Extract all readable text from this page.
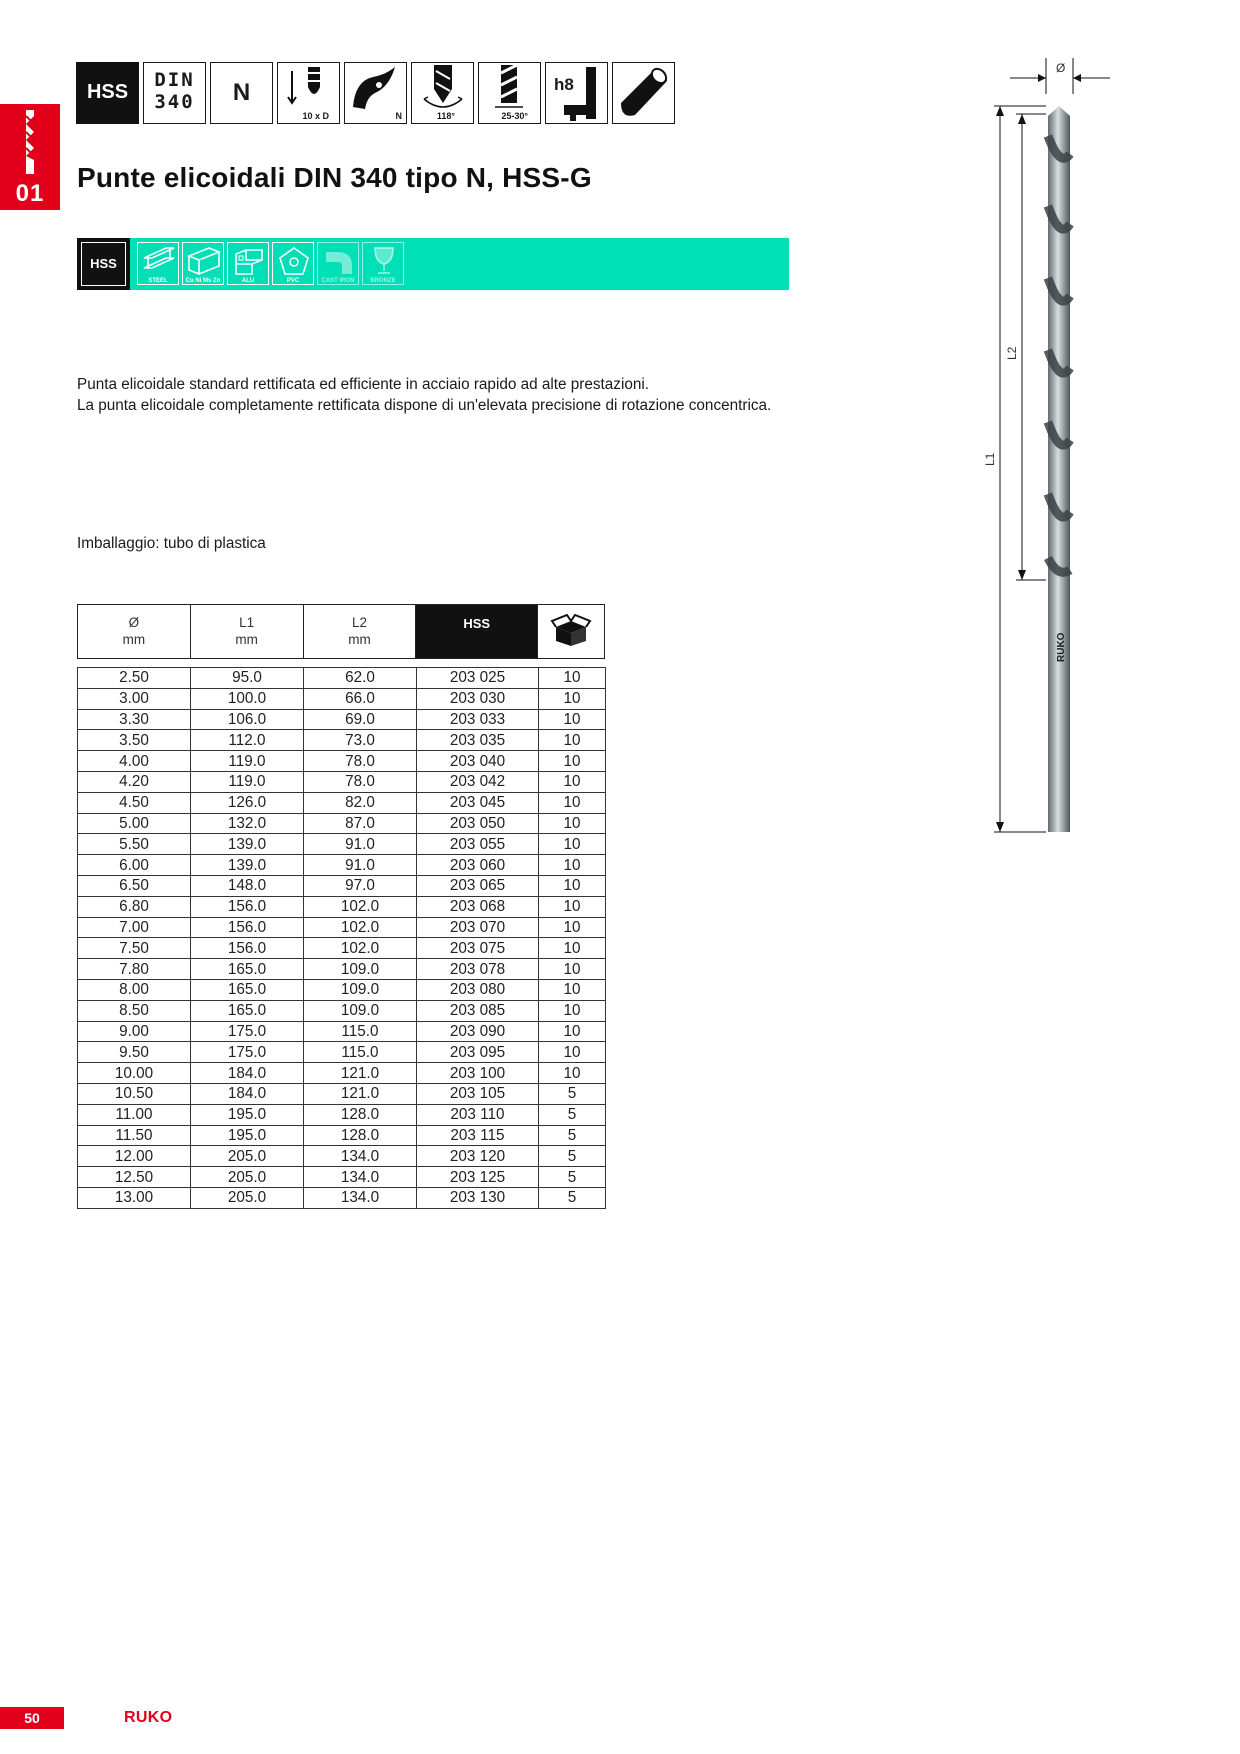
01
HSS
DIN
340	N
10 x D	N	118°	25-30°
h8
Punte elicoidali DIN 340 tipo N, HSS-G
HSS
STEEL	Cu Ni Ms Zn	ALU	PVC	CAST IRON	BRONZE
Punta elicoidale standard rettificata ed efficiente in acciaio rapido ad alte prestazioni.
La punta elicoidale completamente rettificata dispone di un'elevata precisione di rotazione concentrica.
Imballaggio: tubo di plastica
Ø
mm
L1
mm
L2
mm
HSS
2.50	95.0	62.0	203 025	10
3.00	100.0	66.0	203 030	10
3.30	106.0	69.0	203 033	10
3.50	112.0	73.0	203 035	10
4.00	119.0	78.0	203 040	10
4.20	119.0	78.0	203 042	10
4.50	126.0	82.0	203 045	10
5.00	132.0	87.0	203 050	10
5.50	139.0	91.0	203 055	10
6.00	139.0	91.0	203 060	10
6.50	148.0	97.0	203 065	10
6.80	156.0	102.0	203 068	10
7.00	156.0	102.0	203 070	10
7.50	156.0	102.0	203 075	10
7.80	165.0	109.0	203 078	10
8.00	165.0	109.0	203 080	10
8.50	165.0	109.0	203 085	10
9.00	175.0	115.0	203 090	10
9.50	175.0	115.0	203 095	10
10.00	184.0	121.0	203 100	10
10.50	184.0	121.0	203 105	5
11.00	195.0	128.0	203 110	5
11.50	195.0	128.0	203 115	5
12.00	205.0	134.0	203 120	5
12.50	205.0	134.0	203 125	5
13.00	205.0	134.0	203 130	5
Ø
L1
L2
RUKO
50	RUKO
